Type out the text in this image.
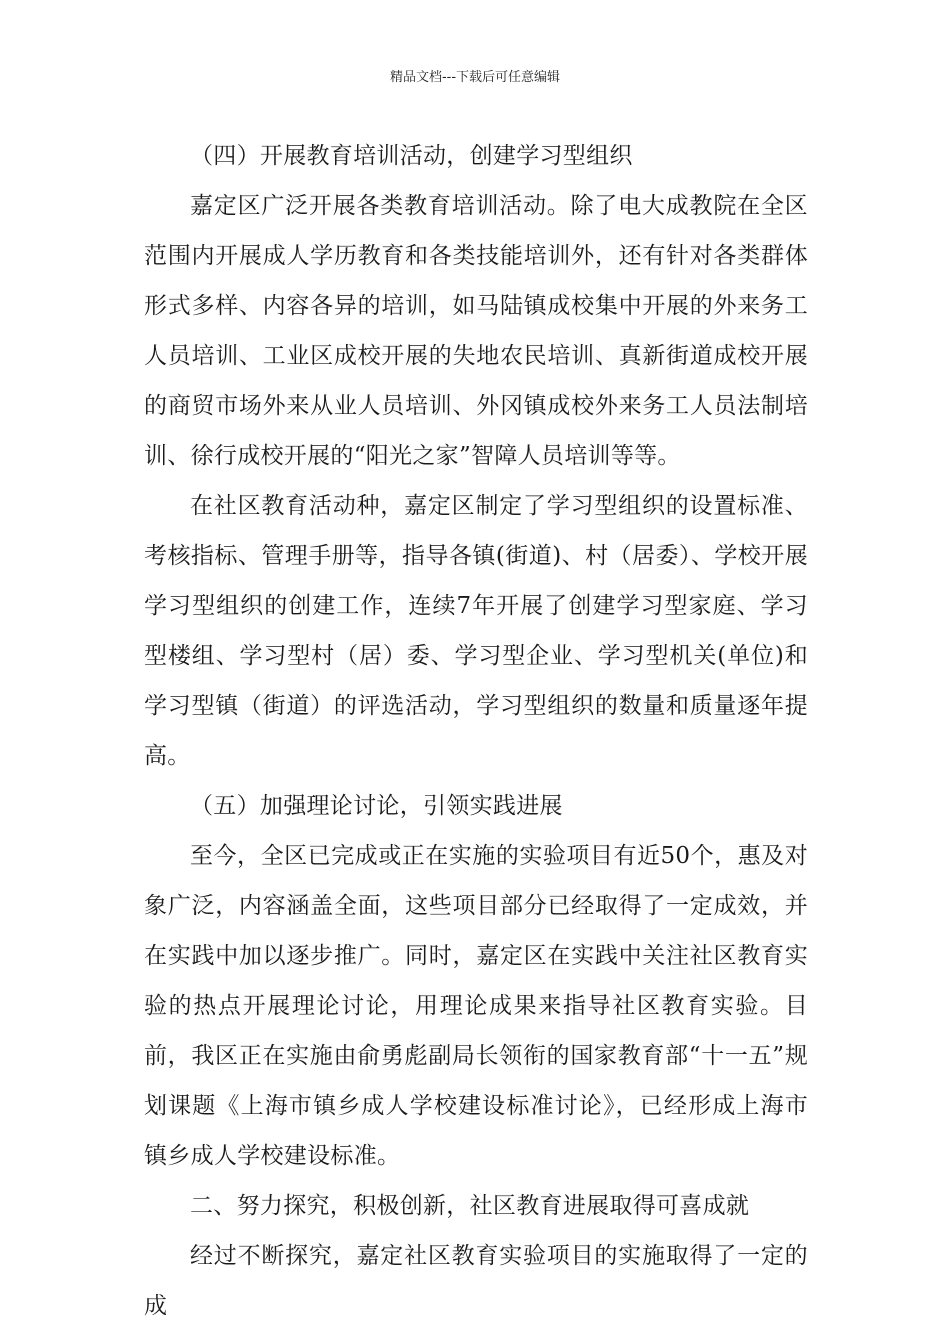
精品文档---下载后可任意编辑

（四）开展教育培训活动，创建学习型组织

嘉定区广泛开展各类教育培训活动。除了电大成教院在全区范围内开展成人学历教育和各类技能培训外，还有针对各类群体形式多样、内容各异的培训，如马陆镇成校集中开展的外来务工人员培训、工业区成校开展的失地农民培训、真新街道成校开展的商贸市场外来从业人员培训、外冈镇成校外来务工人员法制培训、徐行成校开展的“阳光之家”智障人员培训等等。

在社区教育活动种，嘉定区制定了学习型组织的设置标准、考核指标、管理手册等，指导各镇(街道)、村（居委）、学校开展学习型组织的创建工作，连续7年开展了创建学习型家庭、学习型楼组、学习型村（居）委、学习型企业、学习型机关(单位)和学习型镇（街道）的评选活动，学习型组织的数量和质量逐年提高。

（五）加强理论讨论，引领实践进展

至今，全区已完成或正在实施的实验项目有近50个，惠及对象广泛，内容涵盖全面，这些项目部分已经取得了一定成效，并在实践中加以逐步推广。同时，嘉定区在实践中关注社区教育实验的热点开展理论讨论，用理论成果来指导社区教育实验。目前，我区正在实施由俞勇彪副局长领衔的国家教育部“十一五”规划课题《上海市镇乡成人学校建设标准讨论》，已经形成上海市镇乡成人学校建设标准。

二、努力探究，积极创新，社区教育进展取得可喜成就

经过不断探究，嘉定社区教育实验项目的实施取得了一定的成
